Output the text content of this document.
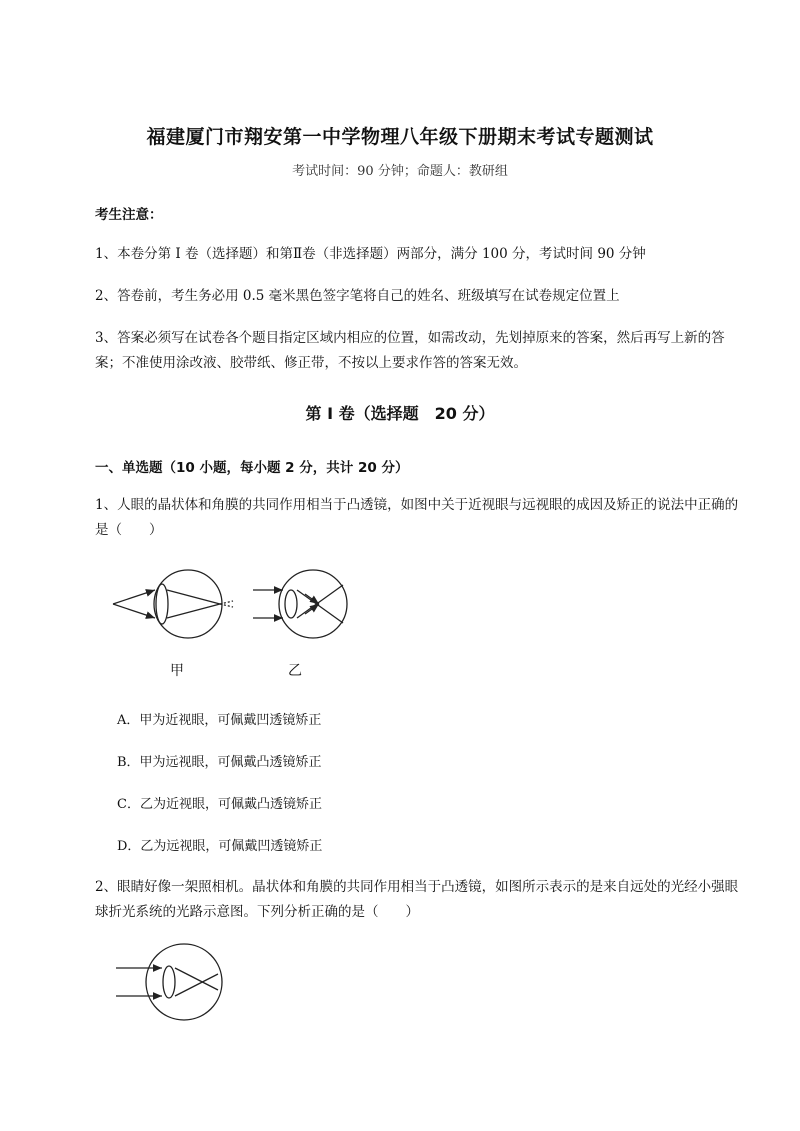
福建厦门市翔安第一中学物理八年级下册期末考试专题测试
考试时间：90 分钟；命题人：教研组
考生注意：
1、本卷分第 I 卷（选择题）和第Ⅱ卷（非选择题）两部分，满分 100 分，考试时间 90 分钟
2、答卷前，考生务必用 0.5 毫米黑色签字笔将自己的姓名、班级填写在试卷规定位置上
3、答案必须写在试卷各个题目指定区域内相应的位置，如需改动，先划掉原来的答案，然后再写上新的答案；不准使用涂改液、胶带纸、修正带，不按以上要求作答的答案无效。
第 I 卷（选择题　20 分）
一、单选题（10 小题，每小题 2 分，共计 20 分）
1、人眼的晶状体和角膜的共同作用相当于凸透镜，如图中关于近视眼与远视眼的成因及矫正的说法中正确的是（　　）
甲	乙
A．甲为近视眼，可佩戴凹透镜矫正
B．甲为远视眼，可佩戴凸透镜矫正
C．乙为近视眼，可佩戴凸透镜矫正
D．乙为远视眼，可佩戴凹透镜矫正
2、眼睛好像一架照相机。晶状体和角膜的共同作用相当于凸透镜，如图所示表示的是来自远处的光经小强眼球折光系统的光路示意图。下列分析正确的是（　　）
